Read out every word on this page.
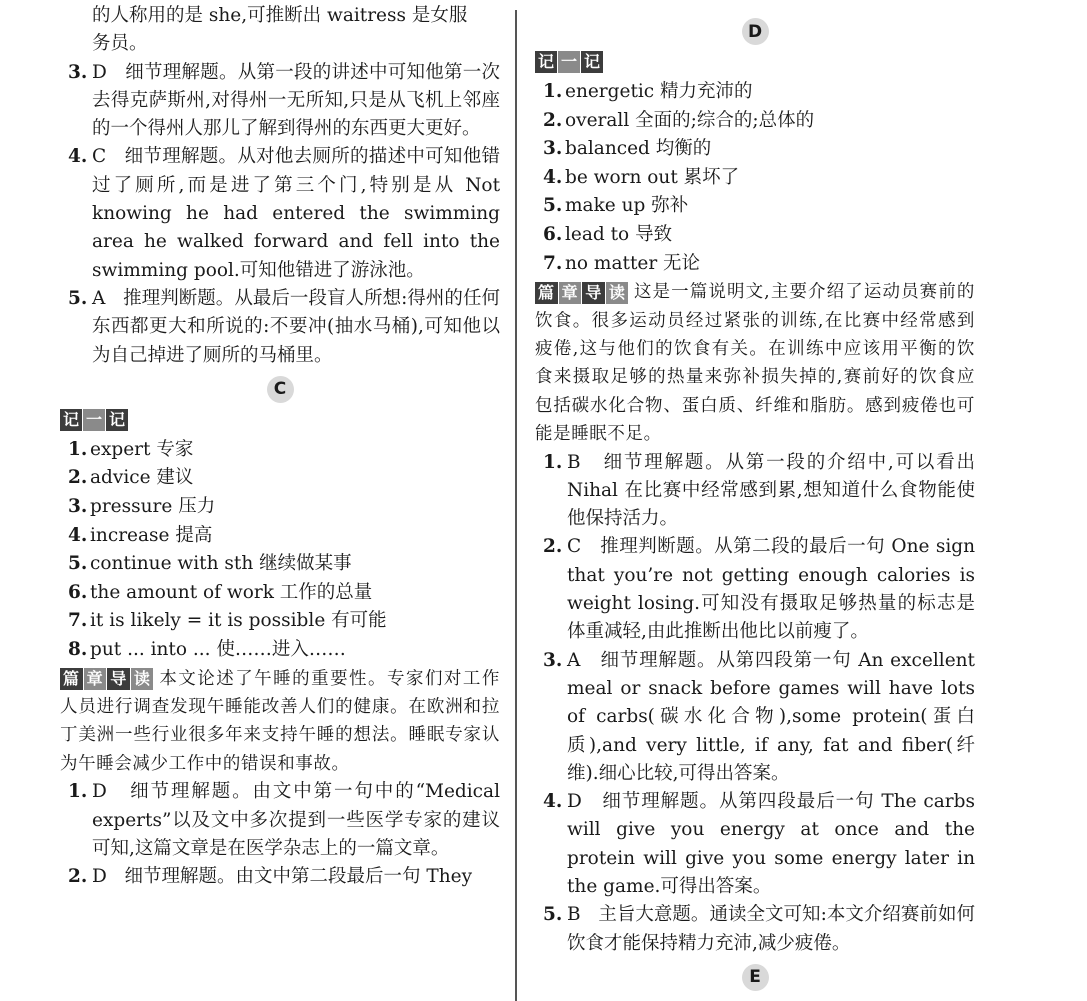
的人称用的是 she,可推断出 waitress 是女服
务员。
3. D 细节理解题。从第一段的讲述中可知他第一次去得克萨斯州,对得州一无所知,只是从飞机上邻座的一个得州人那儿了解到得州的东西更大更好。
4. C 细节理解题。从对他去厕所的描述中可知他错过了厕所,而是进了第三个门,特别是从 Not knowing he had entered the swimming area he walked forward and fell into the swimming pool.可知他错进了游泳池。
5. A 推理判断题。从最后一段盲人所想:得州的任何东西都更大和所说的:不要冲(抽水马桶),可知他以为自己掉进了厕所的马桶里。
C
记 一 记
1. expert 专家
2. advice 建议
3. pressure 压力
4. increase 提高
5. continue with sth 继续做某事
6. the amount of work 工作的总量
7. it is likely = it is possible 有可能
8. put ... into ... 使……进入……
篇 章 导 读 本文论述了午睡的重要性。专家们对工作人员进行调查发现午睡能改善人们的健康。在欧洲和拉丁美洲一些行业很多年来支持午睡的想法。睡眠专家认为午睡会减少工作中的错误和事故。
1. D 细节理解题。由文中第一句中的“Medical experts”以及文中多次提到一些医学专家的建议可知,这篇文章是在医学杂志上的一篇文章。
2. D 细节理解题。由文中第二段最后一句 They
D
记 一 记
1. energetic 精力充沛的
2. overall 全面的;综合的;总体的
3. balanced 均衡的
4. be worn out 累坏了
5. make up 弥补
6. lead to 导致
7. no matter 无论
篇 章 导 读 这是一篇说明文,主要介绍了运动员赛前的饮食。很多运动员经过紧张的训练,在比赛中经常感到疲倦,这与他们的饮食有关。在训练中应该用平衡的饮食来摄取足够的热量来弥补损失掉的,赛前好的饮食应包括碳水化合物、蛋白质、纤维和脂肪。感到疲倦也可能是睡眠不足。
1. B 细节理解题。从第一段的介绍中,可以看出 Nihal 在比赛中经常感到累,想知道什么食物能使他保持活力。
2. C 推理判断题。从第二段的最后一句 One sign that you’re not getting enough calories is weight losing.可知没有摄取足够热量的标志是体重减轻,由此推断出他比以前瘦了。
3. A 细节理解题。从第四段第一句 An excellent meal or snack before games will have lots of carbs(碳水化合物),some protein(蛋白质),and very little, if any, fat and fiber(纤维).细心比较,可得出答案。
4. D 细节理解题。从第四段最后一句 The carbs will give you energy at once and the protein will give you some energy later in the game.可得出答案。
5. B 主旨大意题。通读全文可知:本文介绍赛前如何饮食才能保持精力充沛,减少疲倦。
E
